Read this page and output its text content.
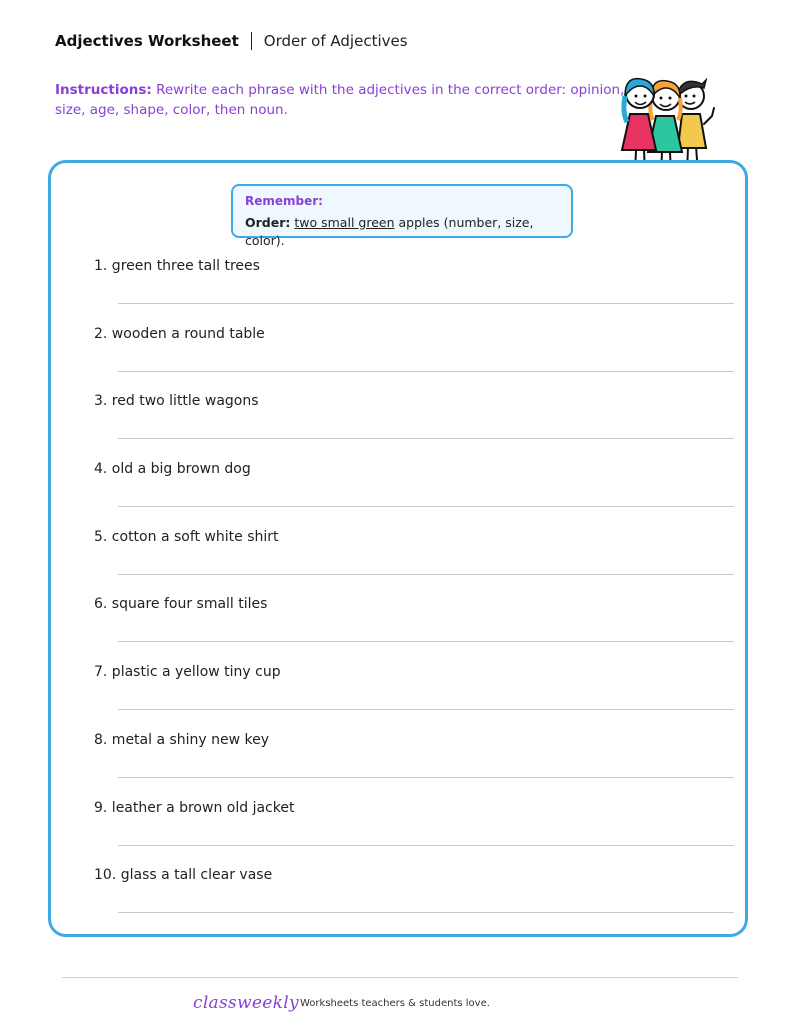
Adjectives Worksheet Order of Adjectives
Instructions: Rewrite each phrase with the adjectives in the correct order: opinion, size, age, shape, color, then noun.
Remember:
Order: two small green apples (number, size, color).
1. green three tall trees
2. wooden a round table
3. red two little wagons
4. old a big brown dog
5. cotton a soft white shirt
6. square four small tiles
7. plastic a yellow tiny cup
8. metal a shiny new key
9. leather a brown old jacket
10. glass a tall clear vase
classweekly Worksheets teachers & students love.
